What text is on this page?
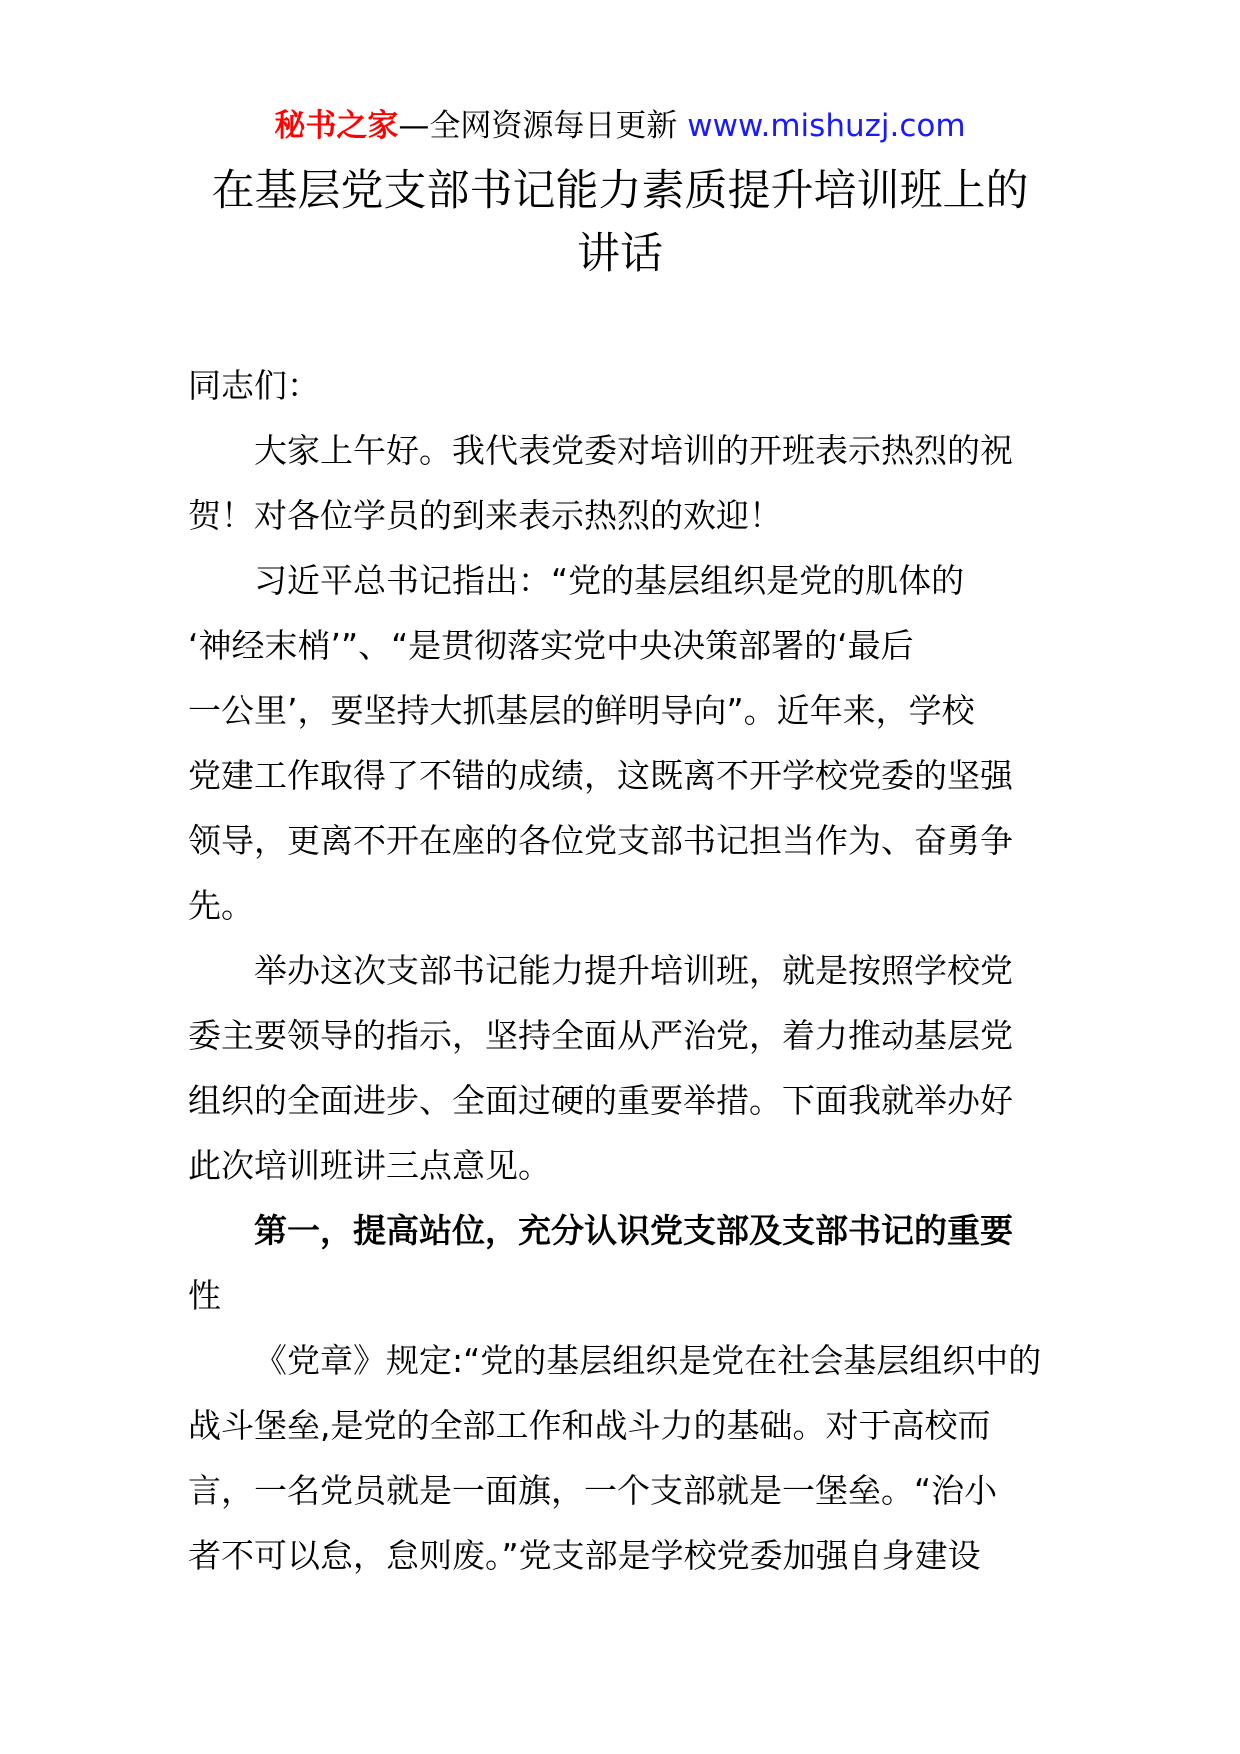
秘书之家—全网资源每日更新 www.mishuzj.com
在基层党支部书记能力素质提升培训班上的
讲话
同志们：
大家上午好。我代表党委对培训的开班表示热烈的祝
贺！对各位学员的到来表示热烈的欢迎！
习近平总书记指出：“党的基层组织是党的肌体的
‘神经末梢’”、“是贯彻落实党中央决策部署的‘最后
一公里’，要坚持大抓基层的鲜明导向”。近年来，学校
党建工作取得了不错的成绩，这既离不开学校党委的坚强
领导，更离不开在座的各位党支部书记担当作为、奋勇争
先。
举办这次支部书记能力提升培训班，就是按照学校党
委主要领导的指示，坚持全面从严治党，着力推动基层党
组织的全面进步、全面过硬的重要举措。下面我就举办好
此次培训班讲三点意见。
第一，提高站位，充分认识党支部及支部书记的重要
性
《党章》规定:“党的基层组织是党在社会基层组织中的
战斗堡垒,是党的全部工作和战斗力的基础。对于高校而
言，一名党员就是一面旗，一个支部就是一堡垒。“治小
者不可以怠，怠则废。”党支部是学校党委加强自身建设
